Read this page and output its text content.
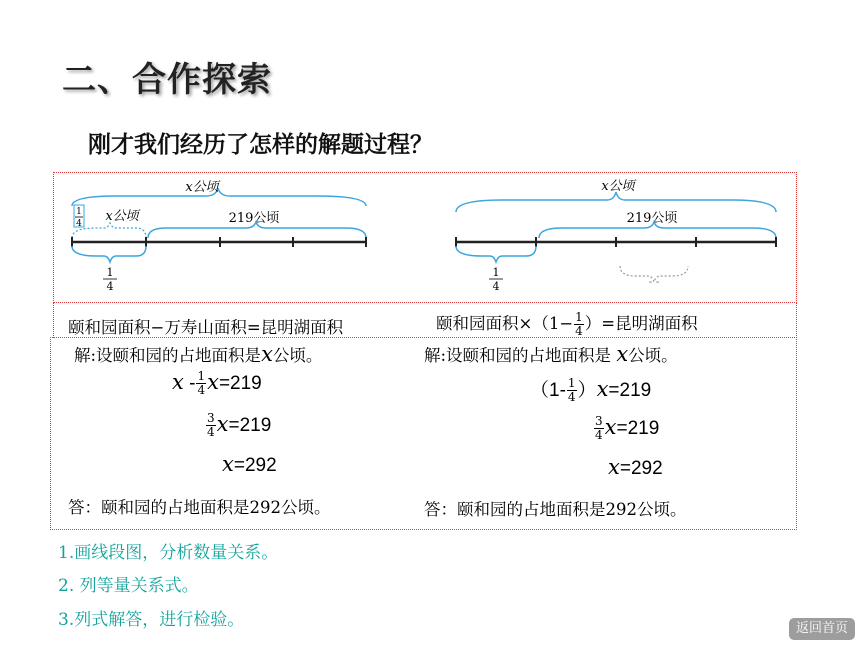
二、合作探索
刚才我们经历了怎样的解题过程？
x公顷
1
4 x公顷	219公顷
1
4
x公顷
219公顷
1
4	- -
颐和园面积−万寿山面积=昆明湖面积	颐和园面积$\times(1- \frac{1}{4}$ ）=昆明湖面积
解:设颐和园的占地面积是x公顷。
$x - \frac{1}{4} x=219$
$\frac{3}{4} x=219$
x=292
答：颐和园的占地面积是292公顷。
解:设颐和园的占地面积是 x公顷。
$(1- \frac{1}{4} )x=219$
$\frac{3}{4} x=219$
x=292
答：颐和园的占地面积是292公顷。
1.画线段图，分析数量关系。
2. 列等量关系式。
3.列式解答，进行检验。	返回首页
